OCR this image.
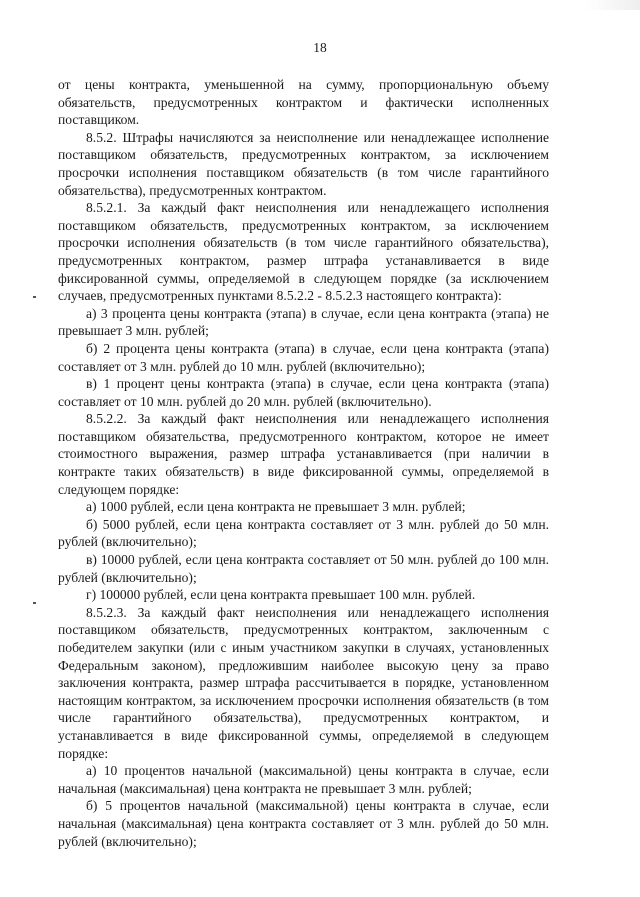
18

от цены контракта, уменьшенной на сумму, пропорциональную объему обязательств, предусмотренных контрактом и фактически исполненных поставщиком.

8.5.2. Штрафы начисляются за неисполнение или ненадлежащее исполнение поставщиком обязательств, предусмотренных контрактом, за исключением просрочки исполнения поставщиком обязательств (в том числе гарантийного обязательства), предусмотренных контрактом.

8.5.2.1. За каждый факт неисполнения или ненадлежащего исполнения поставщиком обязательств, предусмотренных контрактом, за исключением просрочки исполнения обязательств (в том числе гарантийного обязательства), предусмотренных контрактом, размер штрафа устанавливается в виде фиксированной суммы, определяемой в следующем порядке (за исключением случаев, предусмотренных пунктами 8.5.2.2 - 8.5.2.3 настоящего контракта):

а) 3 процента цены контракта (этапа) в случае, если цена контракта (этапа) не превышает 3 млн. рублей;

б) 2 процента цены контракта (этапа) в случае, если цена контракта (этапа) составляет от 3 млн. рублей до 10 млн. рублей (включительно);

в) 1 процент цены контракта (этапа) в случае, если цена контракта (этапа) составляет от 10 млн. рублей до 20 млн. рублей (включительно).

8.5.2.2. За каждый факт неисполнения или ненадлежащего исполнения поставщиком обязательства, предусмотренного контрактом, которое не имеет стоимостного выражения, размер штрафа устанавливается (при наличии в контракте таких обязательств) в виде фиксированной суммы, определяемой в следующем порядке:

а) 1000 рублей, если цена контракта не превышает 3 млн. рублей;

б) 5000 рублей, если цена контракта составляет от 3 млн. рублей до 50 млн. рублей (включительно);

в) 10000 рублей, если цена контракта составляет от 50 млн. рублей до 100 млн. рублей (включительно);

г) 100000 рублей, если цена контракта превышает 100 млн. рублей.

8.5.2.3. За каждый факт неисполнения или ненадлежащего исполнения поставщиком обязательств, предусмотренных контрактом, заключенным с победителем закупки (или с иным участником закупки в случаях, установленных Федеральным законом), предложившим наиболее высокую цену за право заключения контракта, размер штрафа рассчитывается в порядке, установленном настоящим контрактом, за исключением просрочки исполнения обязательств (в том числе гарантийного обязательства), предусмотренных контрактом, и устанавливается в виде фиксированной суммы, определяемой в следующем порядке:

а) 10 процентов начальной (максимальной) цены контракта в случае, если начальная (максимальная) цена контракта не превышает 3 млн. рублей;

б) 5 процентов начальной (максимальной) цены контракта в случае, если начальная (максимальная) цена контракта составляет от 3 млн. рублей до 50 млн. рублей (включительно);
